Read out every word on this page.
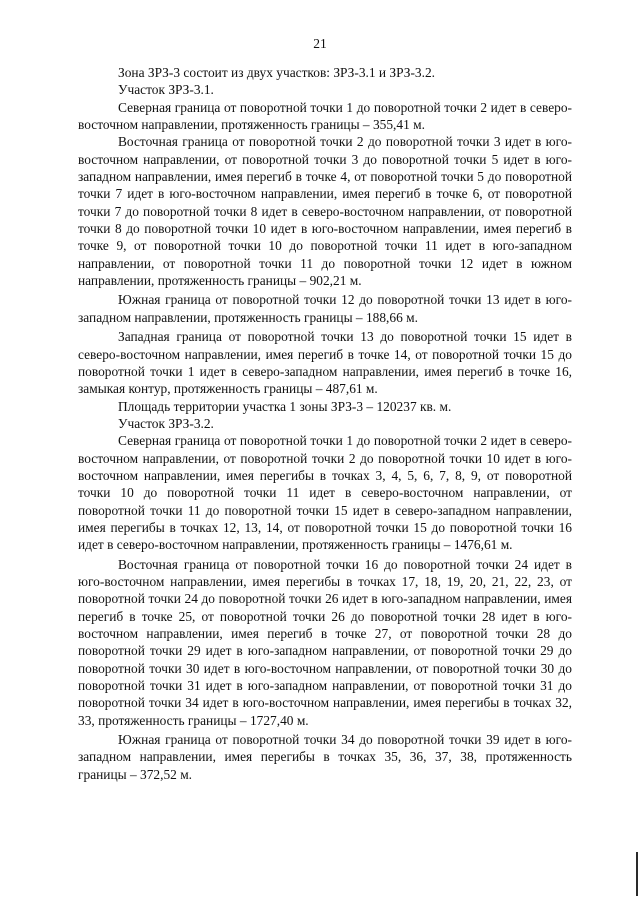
21

Зона ЗРЗ-3 состоит из двух участков: ЗРЗ-3.1 и ЗРЗ-3.2.

Участок ЗРЗ-3.1.

Северная граница от поворотной точки 1 до поворотной точки 2 идет в северо-восточном направлении, протяженность границы – 355,41 м.

Восточная граница от поворотной точки 2 до поворотной точки 3 идет в юго-восточном направлении, от поворотной точки 3 до поворотной точки 5 идет в юго-западном направлении, имея перегиб в точке 4, от поворотной точки 5 до поворотной точки 7 идет в юго-восточном направлении, имея перегиб в точке 6, от поворотной точки 7 до поворотной точки 8 идет в северо-восточном направлении, от поворотной точки 8 до поворотной точки 10 идет в юго-восточном направлении, имея перегиб в точке 9, от поворотной точки 10 до поворотной точки 11 идет в юго-западном направлении, от поворотной точки 11 до поворотной точки 12 идет в южном направлении, протяженность границы – 902,21 м.

Южная граница от поворотной точки 12 до поворотной точки 13 идет в юго-западном направлении, протяженность границы – 188,66 м.

Западная граница от поворотной точки 13 до поворотной точки 15 идет в северо-восточном направлении, имея перегиб в точке 14, от поворотной точки 15 до поворотной точки 1 идет в северо-западном направлении, имея перегиб в точке 16, замыкая контур, протяженность границы – 487,61 м.

Площадь территории участка 1 зоны ЗРЗ-3 – 120237 кв. м.

Участок ЗРЗ-3.2.

Северная граница от поворотной точки 1 до поворотной точки 2 идет в северо-восточном направлении, от поворотной точки 2 до поворотной точки 10 идет в юго-восточном направлении, имея перегибы в точках 3, 4, 5, 6, 7, 8, 9, от поворотной точки 10 до поворотной точки 11 идет в северо-восточном направлении, от поворотной точки 11 до поворотной точки 15 идет в северо-западном направлении, имея перегибы в точках 12, 13, 14, от поворотной точки 15 до поворотной точки 16 идет в северо-восточном направлении, протяженность границы – 1476,61 м.

Восточная граница от поворотной точки 16 до поворотной точки 24 идет в юго-восточном направлении, имея перегибы в точках 17, 18, 19, 20, 21, 22, 23, от поворотной точки 24 до поворотной точки 26 идет в юго-западном направлении, имея перегиб в точке 25, от поворотной точки 26 до поворотной точки 28 идет в юго-восточном направлении, имея перегиб в точке 27, от поворотной точки 28 до поворотной точки 29 идет в юго-западном направлении, от поворотной точки 29 до поворотной точки 30 идет в юго-восточном направлении, от поворотной точки 30 до поворотной точки 31 идет в юго-западном направлении, от поворотной точки 31 до поворотной точки 34 идет в юго-восточном направлении, имея перегибы в точках 32, 33, протяженность границы – 1727,40 м.

Южная граница от поворотной точки 34 до поворотной точки 39 идет в юго-западном направлении, имея перегибы в точках 35, 36, 37, 38, протяженность границы – 372,52 м.
